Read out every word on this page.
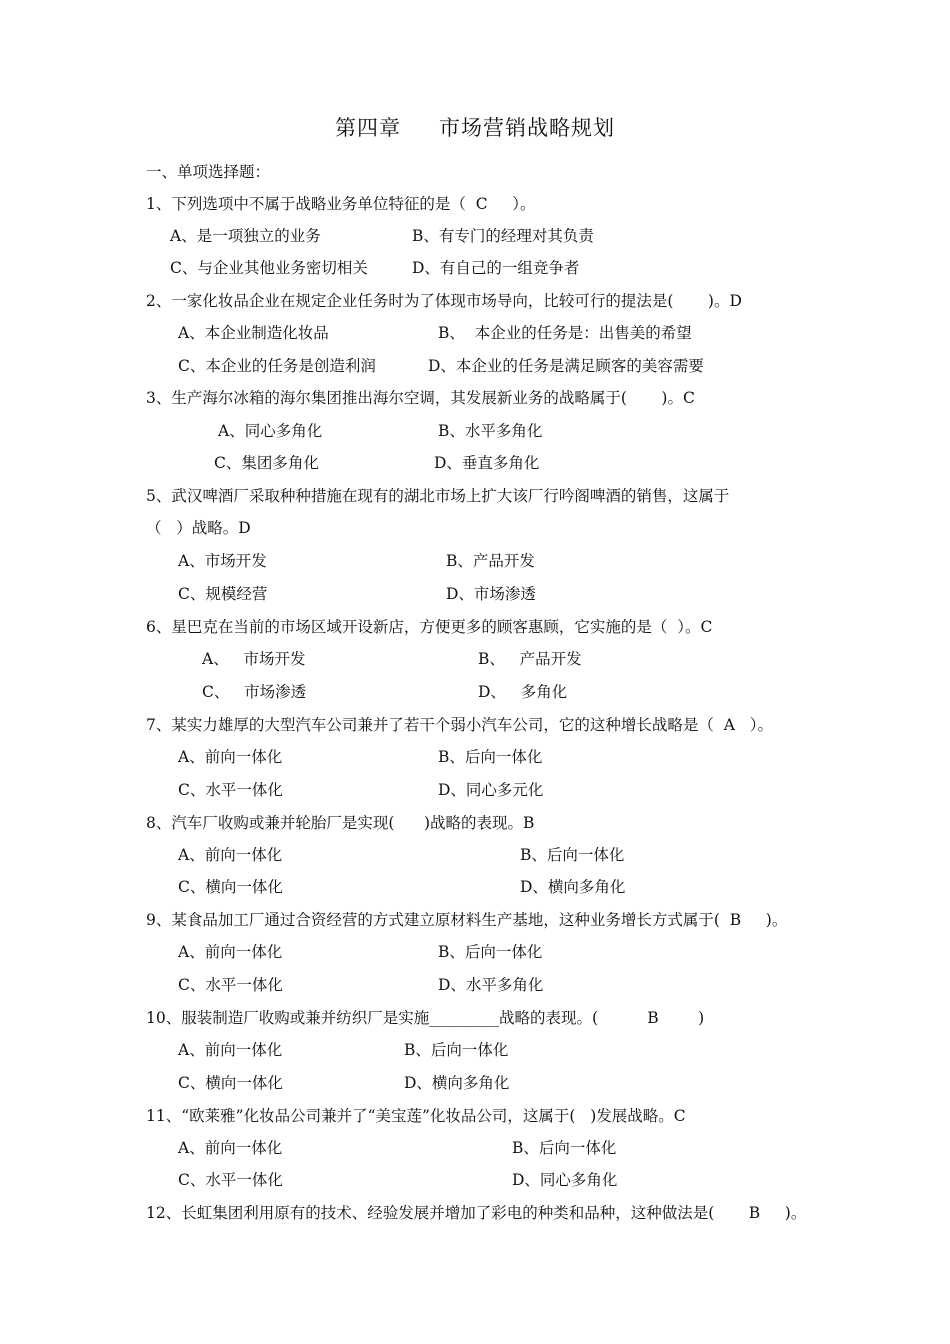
第四章 市场营销战略规划
一、单项选择题：
1、下列选项中不属于战略业务单位特征的是（  C     ）。
A、是一项独立的业务	B、有专门的经理对其负责
C、与企业其他业务密切相关	D、有自己的一组竞争者
2、一家化妆品企业在规定企业任务时为了体现市场导向，比较可行的提法是(       )。D
A、本企业制造化妆品	B、  本企业的任务是：出售美的希望
C、本企业的任务是创造利润	D、本企业的任务是满足顾客的美容需要
3、生产海尔冰箱的海尔集团推出海尔空调，其发展新业务的战略属于(       )。C
A、同心多角化	B、水平多角化
C、集团多角化	D、垂直多角化
5、武汉啤酒厂采取种种措施在现有的湖北市场上扩大该厂行吟阁啤酒的销售，这属于
（   ）战略。D
A、市场开发	B、产品开发
C、规模经营	D、市场渗透
6、星巴克在当前的市场区域开设新店，方便更多的顾客惠顾，它实施的是（  ）。C
A、   市场开发	B、   产品开发
C、   市场渗透	D、   多角化
7、某实力雄厚的大型汽车公司兼并了若干个弱小汽车公司，它的这种增长战略是（  A   ）。
A、前向一体化	B、后向一体化
C、水平一体化	D、同心多元化
8、汽车厂收购或兼并轮胎厂是实现(      )战略的表现。B
A、前向一体化	B、后向一体化
C、横向一体化	D、横向多角化
9、某食品加工厂通过合资经营的方式建立原材料生产基地，这种业务增长方式属于(  B     )。
A、前向一体化	B、后向一体化
C、水平一体化	D、水平多角化
10、服装制造厂收购或兼并纺织厂是实施_________战略的表现。(          B        )
A、前向一体化	B、后向一体化
C、横向一体化	D、横向多角化
11、“欧莱雅”化妆品公司兼并了“美宝莲”化妆品公司，这属于(   )发展战略。C
A、前向一体化	B、后向一体化
C、水平一体化	D、同心多角化
12、长虹集团利用原有的技术、经验发展并增加了彩电的种类和品种，这种做法是(       B     )。
